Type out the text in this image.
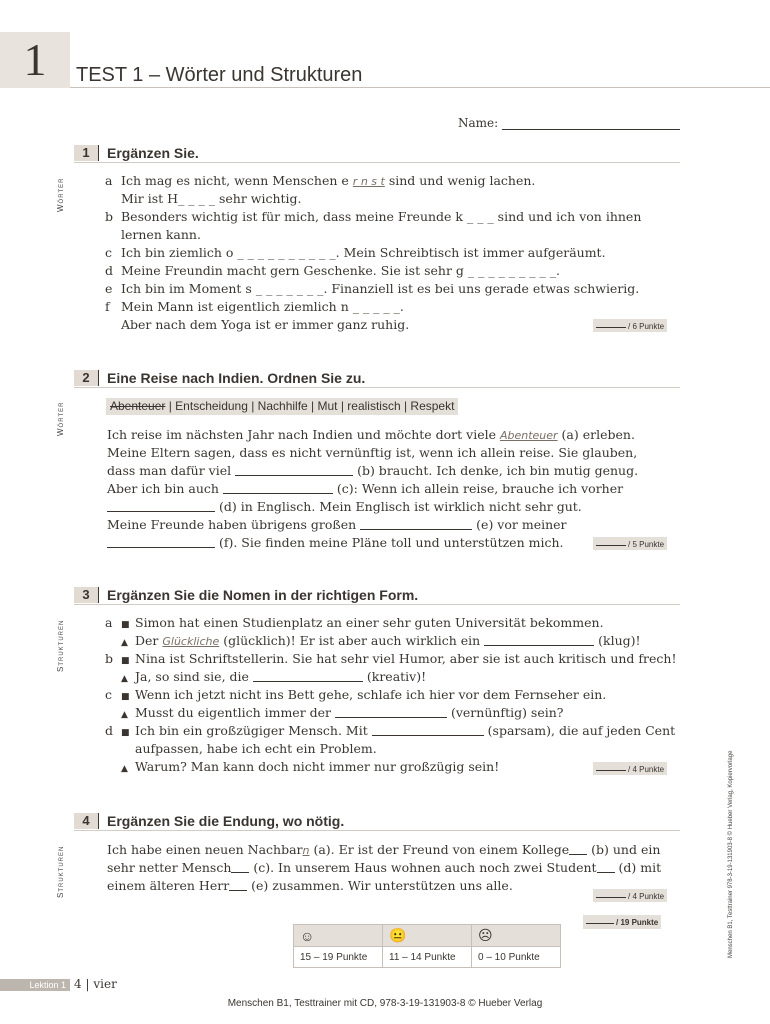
1	TEST 1 – Wörter und Strukturen
Name:
Wörter
1	Ergänzen Sie.
a Ich mag es nicht, wenn Menschen e r n s t sind und wenig lachen.
Mir ist H_ _ _ _ sehr wichtig.
b Besonders wichtig ist für mich, dass meine Freunde k _ _ _ sind und ich von ihnen
lernen kann.
c Ich bin ziemlich o _ _ _ _ _ _ _ _ _ _. Mein Schreibtisch ist immer aufgeräumt.
d Meine Freundin macht gern Geschenke. Sie ist sehr g _ _ _ _ _ _ _ _ _.
e Ich bin im Moment s _ _ _ _ _ _ _. Finanziell ist es bei uns gerade etwas schwierig.
f Mein Mann ist eigentlich ziemlich n _ _ _ _ _.
Aber nach dem Yoga ist er immer ganz ruhig.	/ 6 Punkte
Wörter
2	Eine Reise nach Indien. Ordnen Sie zu.
Abenteuer | Entscheidung | Nachhilfe | Mut | realistisch | Respekt
Ich reise im nächsten Jahr nach Indien und möchte dort viele Abenteuer (a) erleben.
Meine Eltern sagen, dass es nicht vernünftig ist, wenn ich allein reise. Sie glauben,
dass man dafür viel	(b) braucht. Ich denke, ich bin mutig genug.
Aber ich bin auch	(c): Wenn ich allein reise, brauche ich vorher
(d) in Englisch. Mein Englisch ist wirklich nicht sehr gut.
Meine Freunde haben übrigens großen	(e) vor meiner
(f). Sie finden meine Pläne toll und unterstützen mich.	/ 5 Punkte
Strukturen
3	Ergänzen Sie die Nomen in der richtigen Form.
a ■ Simon hat einen Studienplatz an einer sehr guten Universität bekommen.
▲ Der Glückliche (glücklich)! Er ist aber auch wirklich ein	(klug)!
b ■ Nina ist Schriftstellerin. Sie hat sehr viel Humor, aber sie ist auch kritisch und frech!
▲ Ja, so sind sie, die	(kreativ)!
c ■ Wenn ich jetzt nicht ins Bett gehe, schlafe ich hier vor dem Fernseher ein.
▲ Musst du eigentlich immer der	(vernünftig) sein?
d ■ Ich bin ein großzügiger Mensch. Mit	(sparsam), die auf jeden Cent
aufpassen, habe ich echt ein Problem.
▲ Warum? Man kann doch nicht immer nur großzügig sein!	/ 4 Punkte
Strukturen
4	Ergänzen Sie die Endung, wo nötig.
Ich habe einen neuen Nachbarn (a). Er ist der Freund von einem Kollege (b) und ein
sehr netter Mensch (c). In unserem Haus wohnen auch noch zwei Student (d) mit
einem älteren Herr (e) zusammen. Wir unterstützen uns alle.
/ 4 Punkte
/ 19 Punkte
☺	😐	☹
15 – 19 Punkte	11 – 14 Punkte	0 – 10 Punkte	Menschen B1, Testtrainer 978-3-19-131903-8 © Hueber Verlag, Kopiervorlage
Lektion 1 4 | vier
Menschen B1, Testtrainer mit CD, 978-3-19-131903-8 © Hueber Verlag
